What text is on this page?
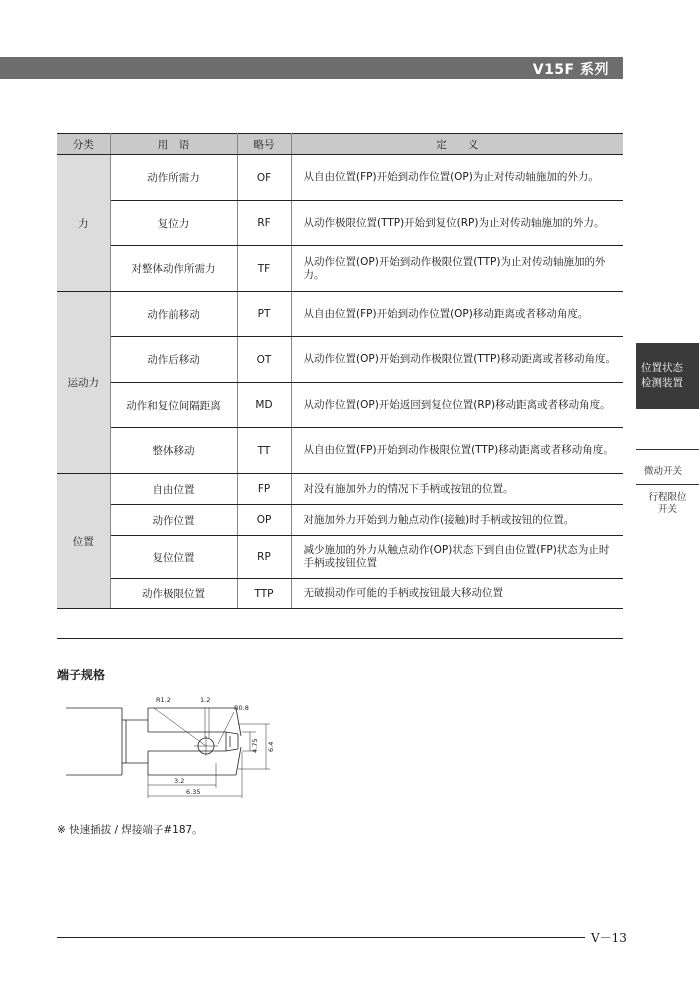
V15F 系列
分类	用　语	略号	定　　义
力	动作所需力	OF	从自由位置(FP)开始到动作位置(OP)为止对传动轴施加的外力。
	复位力	RF	从动作极限位置(TTP)开始到复位(RP)为止对传动轴施加的外力。
	对整体动作所需力	TF	从动作位置(OP)开始到动作极限位置(TTP)为止对传动轴施加的外力。
运动力	动作前移动	PT	从自由位置(FP)开始到动作位置(OP)移动距离或者移动角度。
	动作后移动	OT	从动作位置(OP)开始到动作极限位置(TTP)移动距离或者移动角度。
	动作和复位间隔距离	MD	从动作位置(OP)开始返回到复位位置(RP)移动距离或者移动角度。
	整体移动	TT	从自由位置(FP)开始到动作极限位置(TTP)移动距离或者移动角度。
位置	自由位置	FP	对没有施加外力的情况下手柄或按钮的位置。
	动作位置	OP	对施加外力开始到力触点动作(接触)时手柄或按钮的位置。
	复位位置	RP	减少施加的外力从触点动作(OP)状态下到自由位置(FP)状态为止时手柄或按钮位置
	动作极限位置	TTP	无破损动作可能的手柄或按钮最大移动位置
端子规格
R1.2	1.2
R0.8
4.75 6.4
3.2
6.35
※ 快速插拔 / 焊接端子#187。
位置状态
检测装置
微动开关
行程限位
开关
V－13
